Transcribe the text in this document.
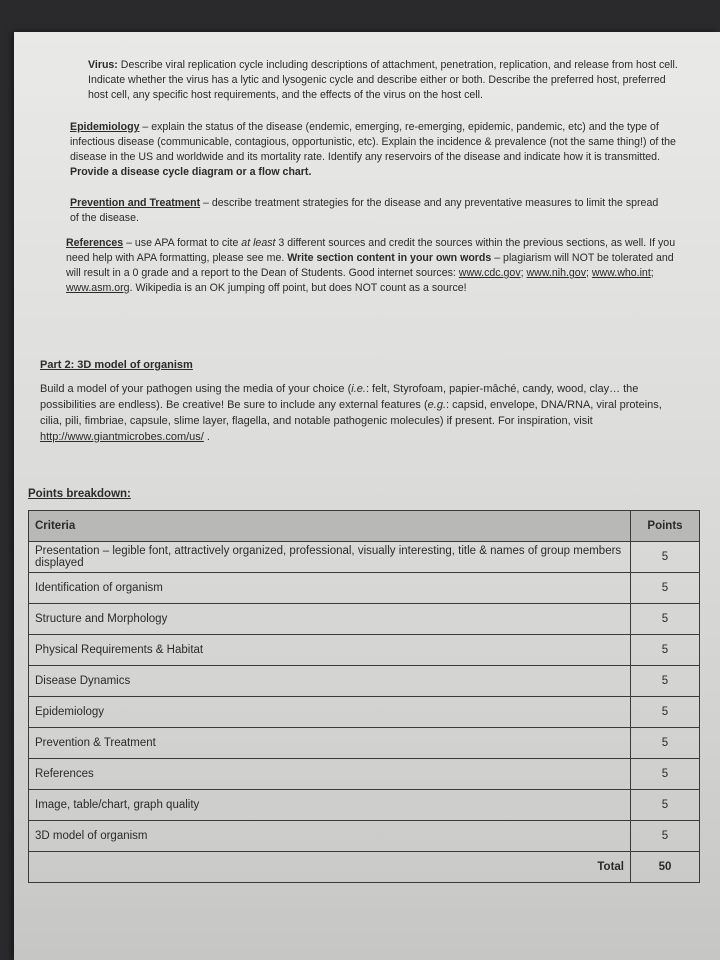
Virus: Describe viral replication cycle including descriptions of attachment, penetration, replication, and release from host cell. Indicate whether the virus has a lytic and lysogenic cycle and describe either or both. Describe the preferred host, preferred host cell, any specific host requirements, and the effects of the virus on the host cell.
Epidemiology – explain the status of the disease (endemic, emerging, re-emerging, epidemic, pandemic, etc) and the type of infectious disease (communicable, contagious, opportunistic, etc). Explain the incidence & prevalence (not the same thing!) of the disease in the US and worldwide and its mortality rate. Identify any reservoirs of the disease and indicate how it is transmitted. Provide a disease cycle diagram or a flow chart.
Prevention and Treatment – describe treatment strategies for the disease and any preventative measures to limit the spread of the disease.
References – use APA format to cite at least 3 different sources and credit the sources within the previous sections, as well. If you need help with APA formatting, please see me. Write section content in your own words – plagiarism will NOT be tolerated and will result in a 0 grade and a report to the Dean of Students. Good internet sources: www.cdc.gov; www.nih.gov; www.who.int; www.asm.org. Wikipedia is an OK jumping off point, but does NOT count as a source!
Part 2: 3D model of organism
Build a model of your pathogen using the media of your choice (i.e.: felt, Styrofoam, papier-mâché, candy, wood, clay… the possibilities are endless). Be creative! Be sure to include any external features (e.g.: capsid, envelope, DNA/RNA, viral proteins, cilia, pili, fimbriae, capsule, slime layer, flagella, and notable pathogenic molecules) if present. For inspiration, visit http://www.giantmicrobes.com/us/ .
Points breakdown:
Criteria	Points
Presentation – legible font, attractively organized, professional, visually interesting, title & names of group members displayed	5
Identification of organism	5
Structure and Morphology	5
Physical Requirements & Habitat	5
Disease Dynamics	5
Epidemiology	5
Prevention & Treatment	5
References	5
Image, table/chart, graph quality	5
3D model of organism	5
Total	50
